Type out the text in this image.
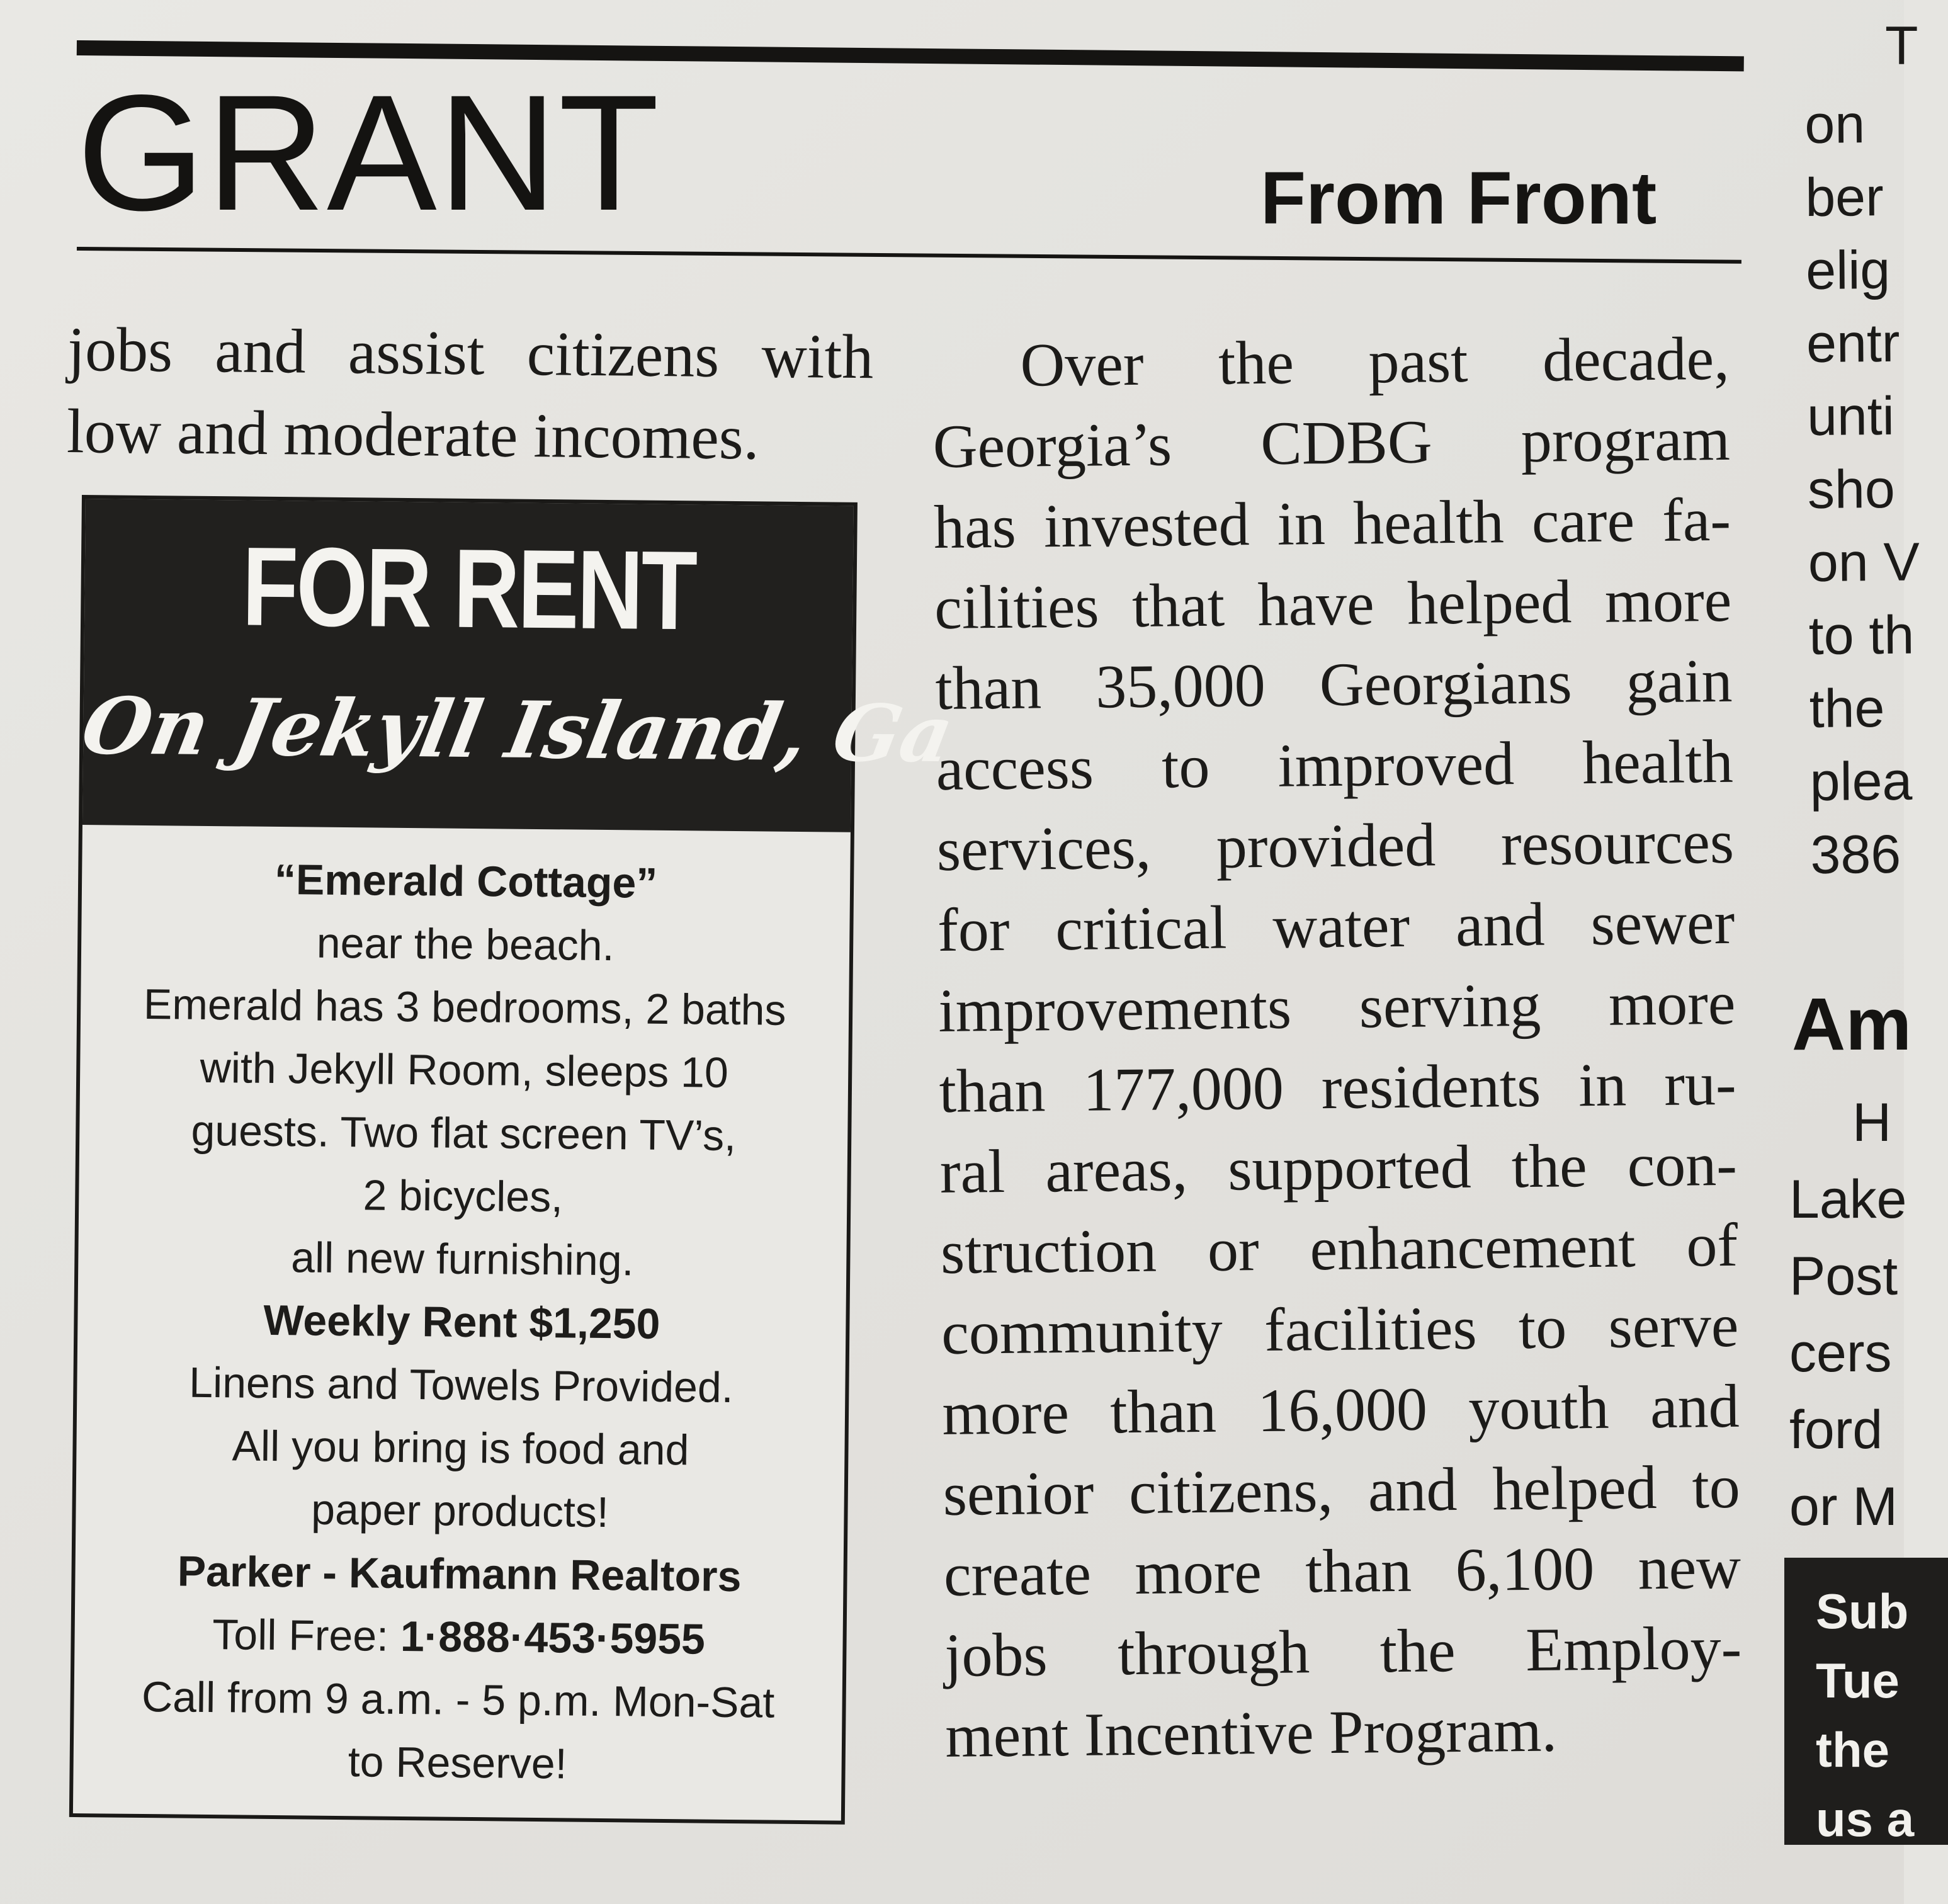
GRANT	From Front
jobs and assist citizens with
low and moderate incomes.
FOR RENT
On Jekyll Island, Ga
“Emerald Cottage”
near the beach.
Emerald has 3 bedrooms, 2 baths
with Jekyll Room, sleeps 10
guests. Two flat screen TV’s,
2 bicycles,
all new furnishing.
Weekly Rent $1,250
Linens and Towels Provided.
All you bring is food and
paper products!
Parker - Kaufmann Realtors
Toll Free: 1·888·453·5955
Call from 9 a.m. - 5 p.m. Mon-Sat
to Reserve!
Over the past decade,
Georgia’s CDBG program
has invested in health care fa-
cilities that have helped more
than 35,000 Georgians gain
access to improved health
services, provided resources
for critical water and sewer
improvements serving more
than 177,000 residents in ru-
ral areas, supported the con-
struction or enhancement of
community facilities to serve
more than 16,000 youth and
senior citizens, and helped to
create more than 6,100 new
jobs through the Employ-
ment Incentive Program.
T
on
ber
elig
entr
unti
sho
on V
to th
the
plea
386
Am
H
Lake
Post
cers
ford
or M
Sub
Tue
the
us a
